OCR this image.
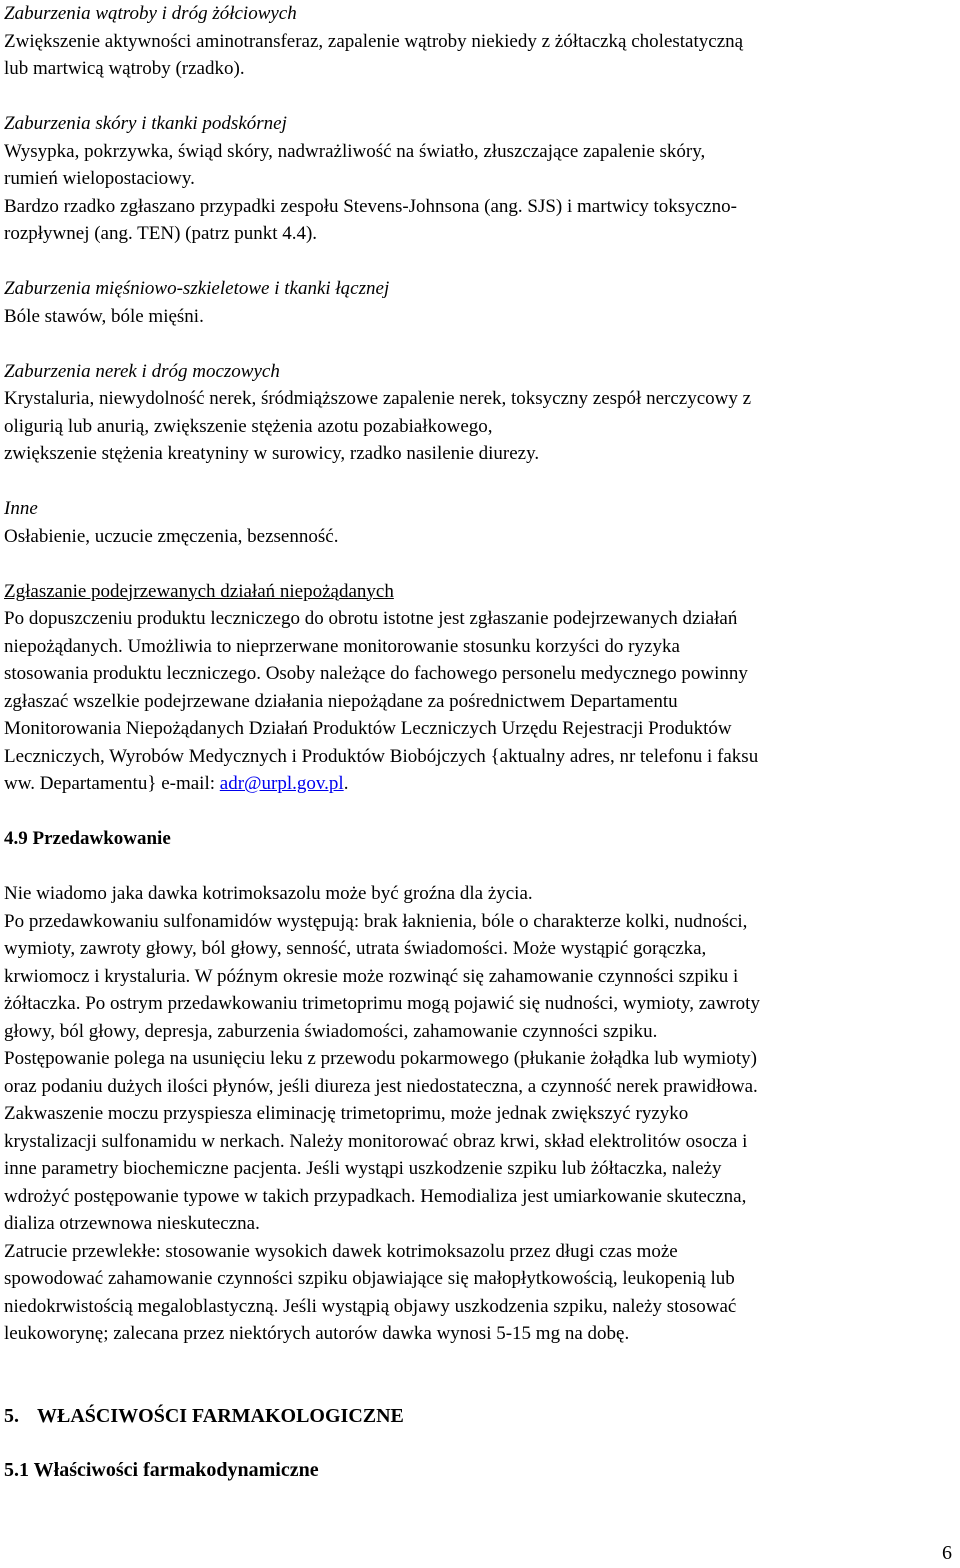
Zaburzenia wątroby i dróg żółciowych

Zwiększenie aktywności aminotransferaz, zapalenie wątroby niekiedy z żółtaczką cholestatyczną

lub martwicą wątroby (rzadko).

Zaburzenia skóry i tkanki podskórnej

Wysypka, pokrzywka, świąd skóry, nadwrażliwość na światło, złuszczające zapalenie skóry,

rumień wielopostaciowy.

Bardzo rzadko zgłaszano przypadki zespołu Stevens-Johnsona (ang. SJS) i martwicy toksyczno-

rozpływnej (ang. TEN) (patrz punkt 4.4).

Zaburzenia mięśniowo-szkieletowe i tkanki łącznej

Bóle stawów, bóle mięśni.

Zaburzenia nerek i dróg moczowych

Krystaluria, niewydolność nerek, śródmiąższowe zapalenie nerek, toksyczny zespół nerczycowy z

oligurią lub anurią, zwiększenie stężenia azotu pozabiałkowego,

zwiększenie stężenia kreatyniny w surowicy, rzadko nasilenie diurezy.

Inne

Osłabienie, uczucie zmęczenia, bezsenność.

Zgłaszanie podejrzewanych działań niepożądanych

Po dopuszczeniu produktu leczniczego do obrotu istotne jest zgłaszanie podejrzewanych działań

niepożądanych. Umożliwia to nieprzerwane monitorowanie stosunku korzyści do ryzyka

stosowania produktu leczniczego. Osoby należące do fachowego personelu medycznego powinny

zgłaszać wszelkie podejrzewane działania niepożądane za pośrednictwem Departamentu

Monitorowania Niepożądanych Działań Produktów Leczniczych Urzędu Rejestracji Produktów

Leczniczych, Wyrobów Medycznych i Produktów Biobójczych {aktualny adres, nr telefonu i faksu

ww. Departamentu} e-mail: adr@urpl.gov.pl.

4.9 Przedawkowanie

Nie wiadomo jaka dawka kotrimoksazolu może być groźna dla życia.

Po przedawkowaniu sulfonamidów występują: brak łaknienia, bóle o charakterze kolki, nudności,

wymioty, zawroty głowy, ból głowy, senność, utrata świadomości. Może wystąpić gorączka,

krwiomocz i krystaluria. W późnym okresie może rozwinąć się zahamowanie czynności szpiku i

żółtaczka. Po ostrym przedawkowaniu trimetoprimu mogą pojawić się nudności, wymioty, zawroty

głowy, ból głowy, depresja, zaburzenia świadomości, zahamowanie czynności szpiku.

Postępowanie polega na usunięciu leku z przewodu pokarmowego (płukanie żołądka lub wymioty)

oraz podaniu dużych ilości płynów, jeśli diureza jest niedostateczna, a czynność nerek prawidłowa.

Zakwaszenie moczu przyspiesza eliminację trimetoprimu, może jednak zwiększyć ryzyko

krystalizacji sulfonamidu w nerkach. Należy monitorować obraz krwi, skład elektrolitów osocza i

inne parametry biochemiczne pacjenta. Jeśli wystąpi uszkodzenie szpiku lub żółtaczka, należy

wdrożyć postępowanie typowe w takich przypadkach. Hemodializa jest umiarkowanie skuteczna,

dializa otrzewnowa nieskuteczna.

Zatrucie przewlekłe: stosowanie wysokich dawek kotrimoksazolu przez długi czas może

spowodować zahamowanie czynności szpiku objawiające się małopłytkowością, leukopenią lub

niedokrwistością megaloblastyczną. Jeśli wystąpią objawy uszkodzenia szpiku, należy stosować

leukoworynę; zalecana przez niektórych autorów dawka wynosi 5-15 mg na dobę.

5. WŁAŚCIWOŚCI FARMAKOLOGICZNE

5.1 Właściwości farmakodynamiczne

6
